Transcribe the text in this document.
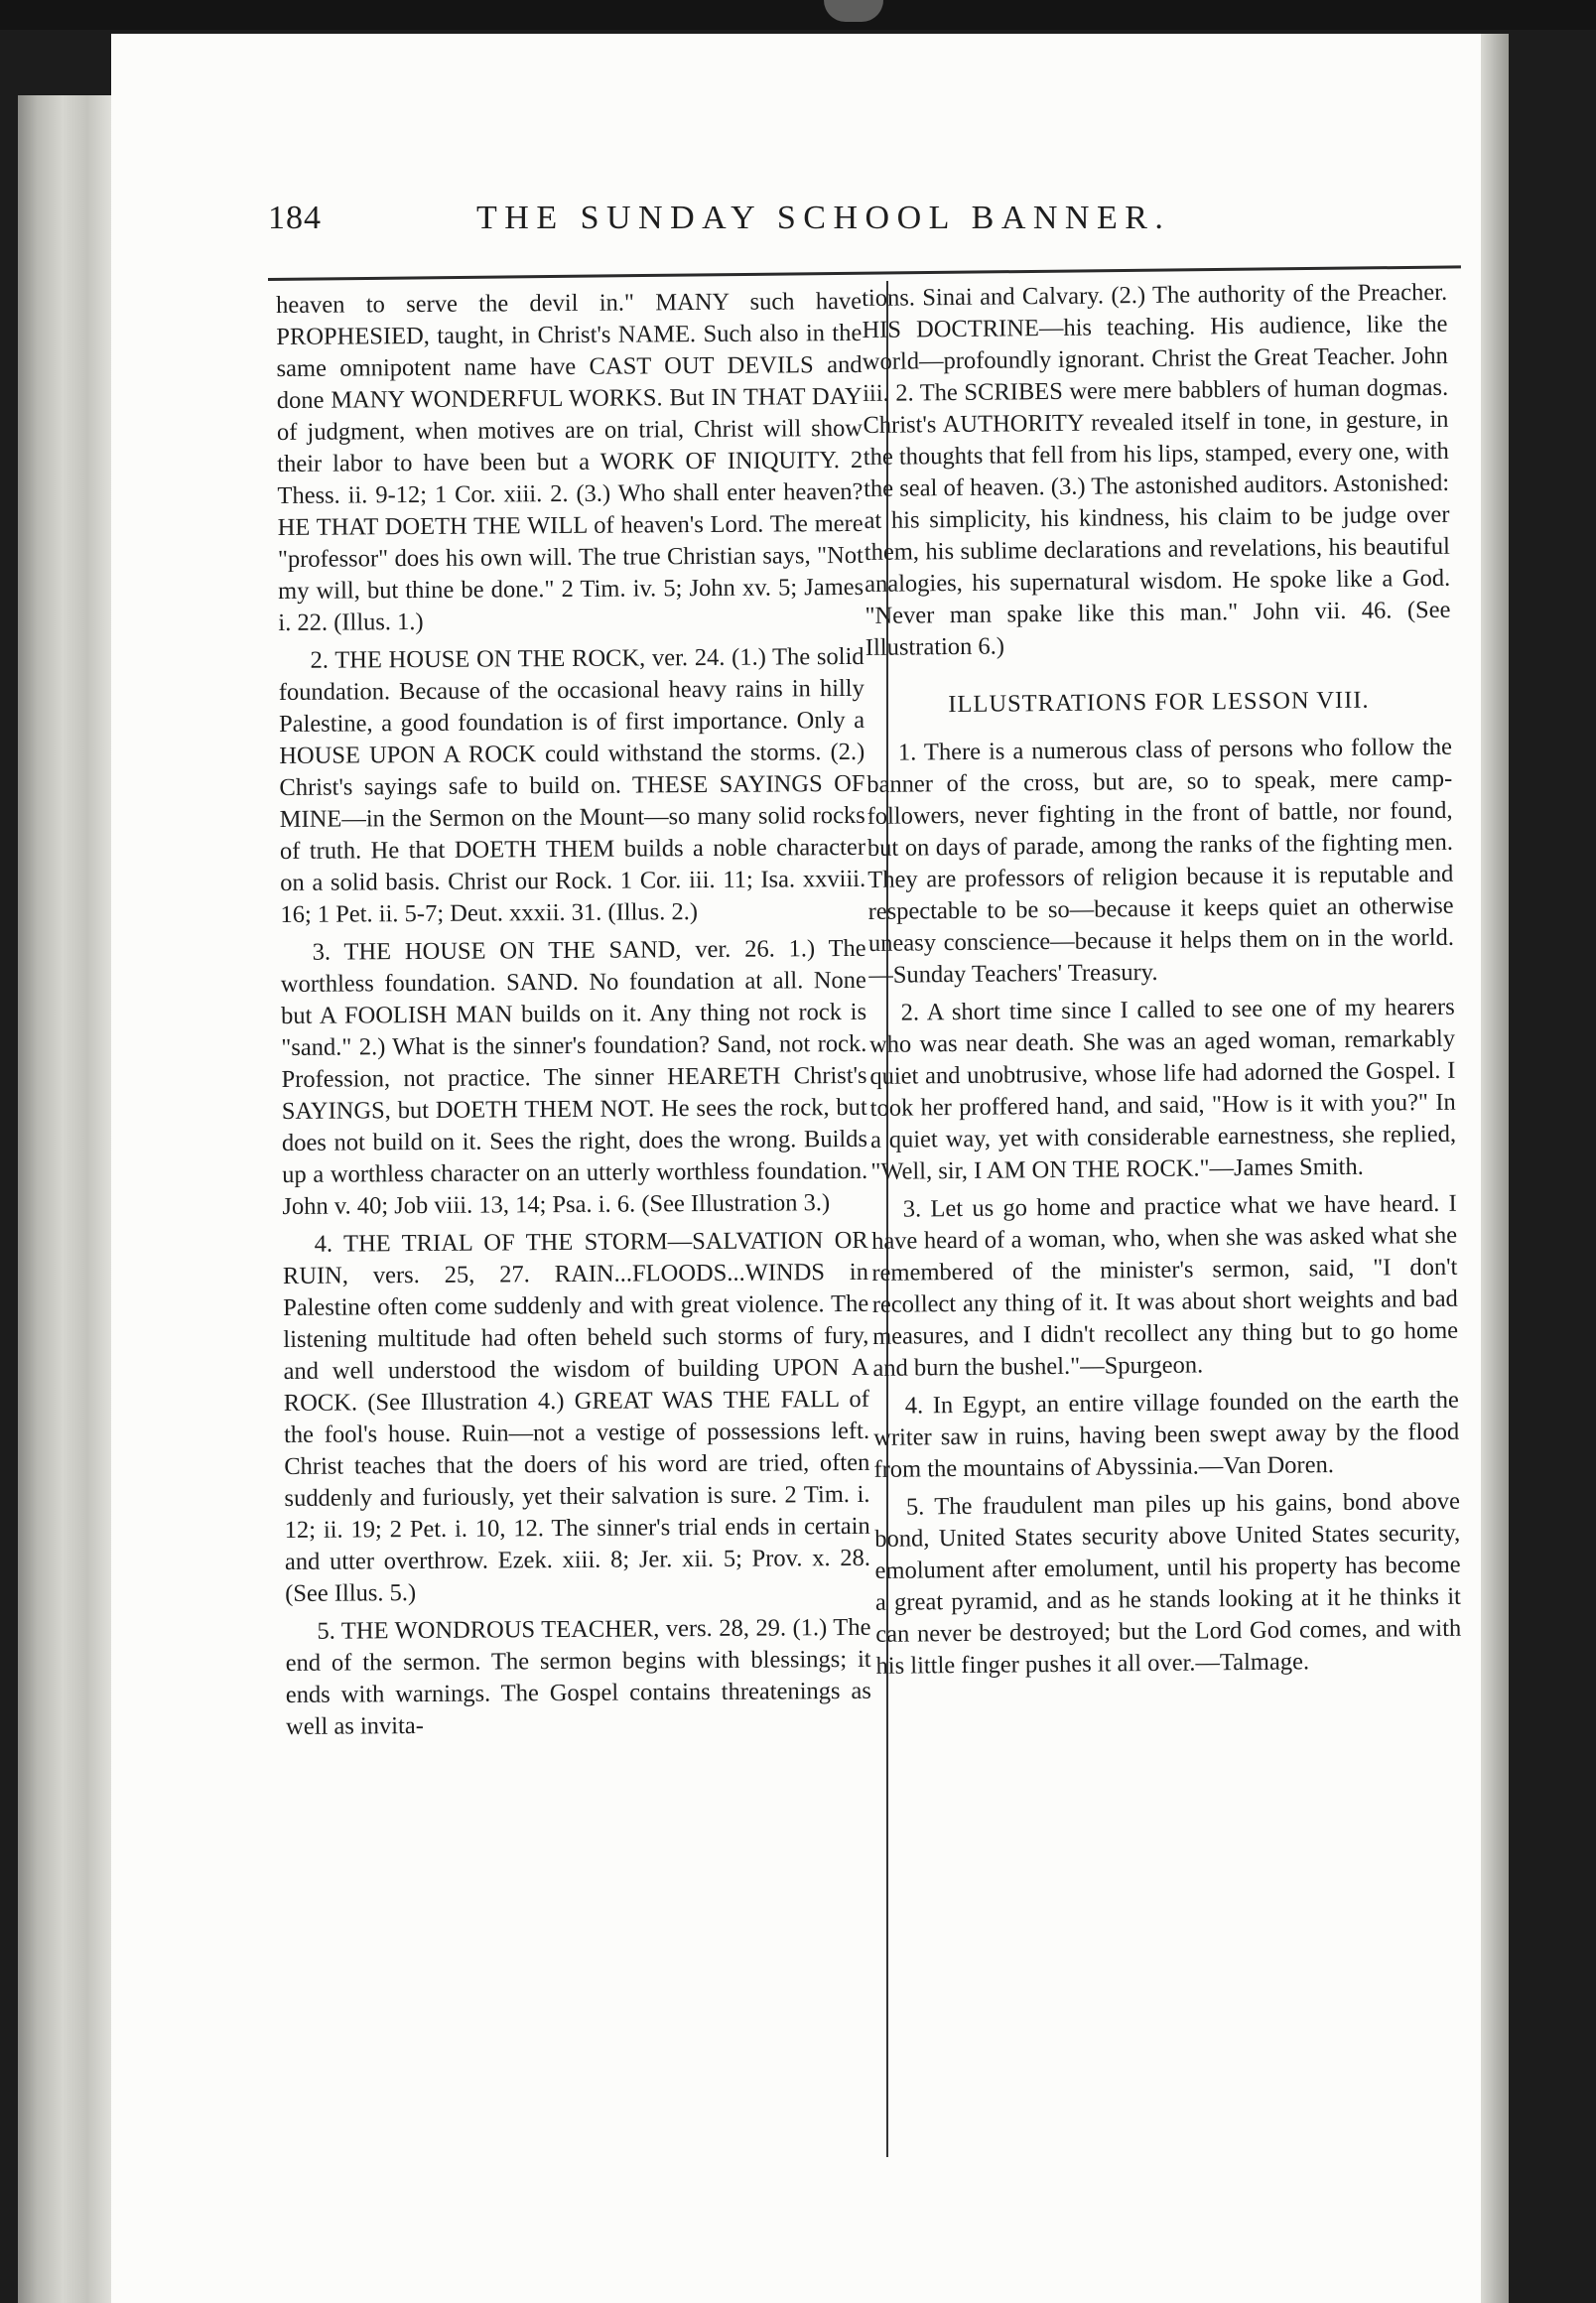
184	THE SUNDAY SCHOOL BANNER.

heaven to serve the devil in." MANY such have PROPHESIED, taught, in Christ's NAME. Such also in the same omnipotent name have CAST OUT DEVILS and done MANY WONDERFUL WORKS. But IN THAT DAY of judgment, when motives are on trial, Christ will show their labor to have been but a WORK OF INIQUITY. 2 Thess. ii. 9-12; 1 Cor. xiii. 2. (3.) Who shall enter heaven? HE THAT DOETH THE WILL of heaven's Lord. The mere "professor" does his own will. The true Christian says, "Not my will, but thine be done." 2 Tim. iv. 5; John xv. 5; James i. 22. (Illus. 1.)

2. THE HOUSE ON THE ROCK, ver. 24. (1.) The solid foundation. Because of the occasional heavy rains in hilly Palestine, a good foundation is of first importance. Only a HOUSE UPON A ROCK could withstand the storms. (2.) Christ's sayings safe to build on. THESE SAYINGS OF MINE—in the Sermon on the Mount—so many solid rocks of truth. He that DOETH THEM builds a noble character on a solid basis. Christ our Rock. 1 Cor. iii. 11; Isa. xxviii. 16; 1 Pet. ii. 5-7; Deut. xxxii. 31. (Illus. 2.)

3. THE HOUSE ON THE SAND, ver. 26. 1.) The worthless foundation. SAND. No foundation at all. None but A FOOLISH MAN builds on it. Any thing not rock is "sand." 2.) What is the sinner's foundation? Sand, not rock. Profession, not practice. The sinner HEARETH Christ's SAYINGS, but DOETH THEM NOT. He sees the rock, but does not build on it. Sees the right, does the wrong. Builds up a worthless character on an utterly worthless foundation. John v. 40; Job viii. 13, 14; Psa. i. 6. (See Illustration 3.)

4. THE TRIAL OF THE STORM—SALVATION OR RUIN, vers. 25, 27. RAIN...FLOODS...WINDS in Palestine often come suddenly and with great violence. The listening multitude had often beheld such storms of fury, and well understood the wisdom of building UPON A ROCK. (See Illustration 4.) GREAT WAS THE FALL of the fool's house. Ruin—not a vestige of possessions left. Christ teaches that the doers of his word are tried, often suddenly and furiously, yet their salvation is sure. 2 Tim. i. 12; ii. 19; 2 Pet. i. 10, 12. The sinner's trial ends in certain and utter overthrow. Ezek. xiii. 8; Jer. xii. 5; Prov. x. 28. (See Illus. 5.)

5. THE WONDROUS TEACHER, vers. 28, 29. (1.) The end of the sermon. The sermon begins with blessings; it ends with warnings. The Gospel contains threatenings as well as invita-

tions. Sinai and Calvary. (2.) The authority of the Preacher. HIS DOCTRINE—his teaching. His audience, like the world—profoundly ignorant. Christ the Great Teacher. John iii. 2. The SCRIBES were mere babblers of human dogmas. Christ's AUTHORITY revealed itself in tone, in gesture, in the thoughts that fell from his lips, stamped, every one, with the seal of heaven. (3.) The astonished auditors. Astonished: at his simplicity, his kindness, his claim to be judge over them, his sublime declarations and revelations, his beautiful analogies, his supernatural wisdom. He spoke like a God. "Never man spake like this man." John vii. 46. (See Illustration 6.)

ILLUSTRATIONS FOR LESSON VIII.

1. There is a numerous class of persons who follow the banner of the cross, but are, so to speak, mere camp-followers, never fighting in the front of battle, nor found, but on days of parade, among the ranks of the fighting men. They are professors of religion because it is reputable and respectable to be so—because it keeps quiet an otherwise uneasy conscience—because it helps them on in the world.—Sunday Teachers' Treasury.

2. A short time since I called to see one of my hearers who was near death. She was an aged woman, remarkably quiet and unobtrusive, whose life had adorned the Gospel. I took her proffered hand, and said, "How is it with you?" In a quiet way, yet with considerable earnestness, she replied, "Well, sir, I AM ON THE ROCK."—James Smith.

3. Let us go home and practice what we have heard. I have heard of a woman, who, when she was asked what she remembered of the minister's sermon, said, "I don't recollect any thing of it. It was about short weights and bad measures, and I didn't recollect any thing but to go home and burn the bushel."—Spurgeon.

4. In Egypt, an entire village founded on the earth the writer saw in ruins, having been swept away by the flood from the mountains of Abyssinia.—Van Doren.

5. The fraudulent man piles up his gains, bond above bond, United States security above United States security, emolument after emolument, until his property has become a great pyramid, and as he stands looking at it he thinks it can never be destroyed; but the Lord God comes, and with his little finger pushes it all over.—Talmage.
